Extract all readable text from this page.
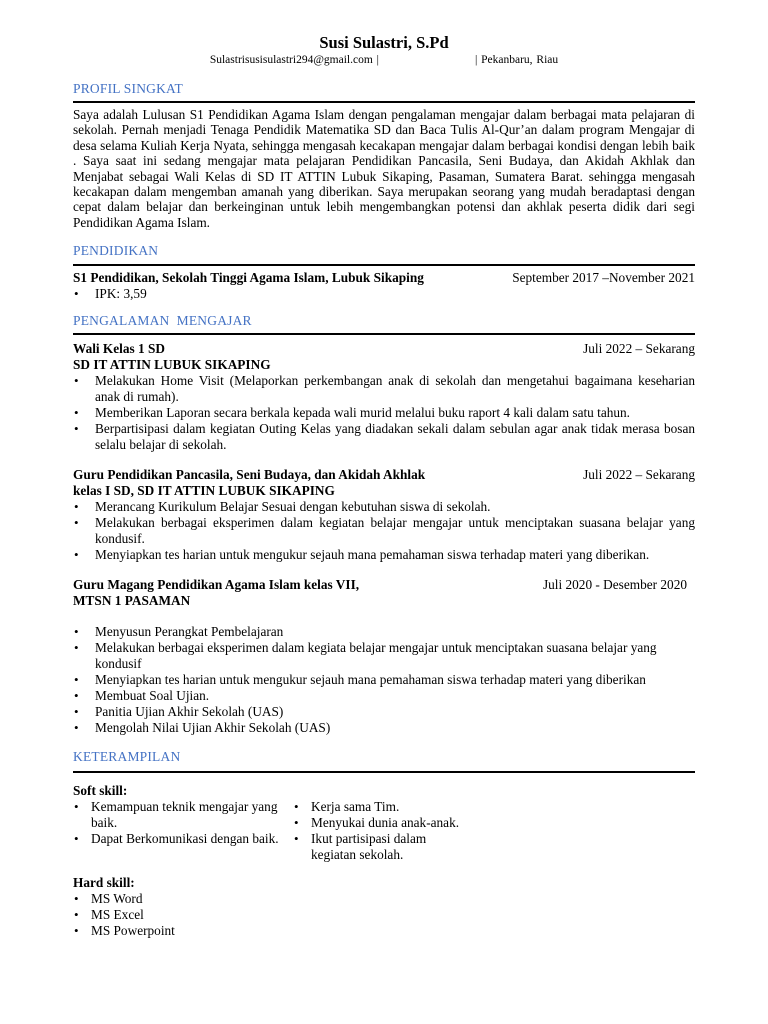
Susi Sulastri, S.Pd
Sulastrisusisulastri294@gmail.com |	| Pekanbaru, Riau
PROFIL SINGKAT
Saya adalah Lulusan S1 Pendidikan Agama Islam dengan pengalaman mengajar dalam berbagai mata pelajaran di sekolah. Pernah menjadi Tenaga Pendidik Matematika SD dan Baca Tulis Al-Qur’an dalam program Mengajar di desa selama Kuliah Kerja Nyata, sehingga mengasah kecakapan mengajar dalam berbagai kondisi dengan lebih baik . Saya saat ini sedang mengajar mata pelajaran Pendidikan Pancasila, Seni Budaya, dan Akidah Akhlak dan Menjabat sebagai Wali Kelas di SD IT ATTIN Lubuk Sikaping, Pasaman, Sumatera Barat. sehingga mengasah kecakapan dalam mengemban amanah yang diberikan. Saya merupakan seorang yang mudah beradaptasi dengan cepat dalam belajar dan berkeinginan untuk lebih mengembangkan potensi dan akhlak peserta didik dari segi Pendidikan Agama Islam.
PENDIDIKAN
S1 Pendidikan, Sekolah Tinggi Agama Islam, Lubuk Sikaping	September 2017 –November 2021
• IPK: 3,59
PENGALAMAN  MENGAJAR
Wali Kelas 1 SD	Juli 2022 – Sekarang
SD IT ATTIN LUBUK SIKAPING
• Melakukan Home Visit (Melaporkan perkembangan anak di sekolah dan mengetahui bagaimana keseharian anak di rumah).
• Memberikan Laporan secara berkala kepada wali murid melalui buku raport 4 kali dalam satu tahun.
• Berpartisipasi dalam kegiatan Outing Kelas yang diadakan sekali dalam sebulan agar anak tidak merasa bosan selalu belajar di sekolah.
Guru Pendidikan Pancasila, Seni Budaya, dan Akidah Akhlak	Juli 2022 – Sekarang
kelas I SD, SD IT ATTIN LUBUK SIKAPING
• Merancang Kurikulum Belajar Sesuai dengan kebutuhan siswa di sekolah.
• Melakukan berbagai eksperimen dalam kegiatan belajar mengajar untuk menciptakan suasana belajar yang kondusif.
• Menyiapkan tes harian untuk mengukur sejauh mana pemahaman siswa terhadap materi yang diberikan.
Guru Magang Pendidikan Agama Islam kelas VII,	Juli 2020 - Desember 2020
MTSN 1 PASAMAN
• Menyusun Perangkat Pembelajaran
• Melakukan berbagai eksperimen dalam kegiata belajar mengajar untuk menciptakan suasana belajar yang kondusif
• Menyiapkan tes harian untuk mengukur sejauh mana pemahaman siswa terhadap materi yang diberikan
• Membuat Soal Ujian.
• Panitia Ujian Akhir Sekolah (UAS)
• Mengolah Nilai Ujian Akhir Sekolah (UAS)
KETERAMPILAN
Soft skill:
• Kemampuan teknik mengajar yang baik.
• Dapat Berkomunikasi dengan baik.
• Kerja sama Tim.
• Menyukai dunia anak-anak.
• Ikut partisipasi dalam kegiatan sekolah.
Hard skill:
• MS Word
• MS Excel
• MS Powerpoint
